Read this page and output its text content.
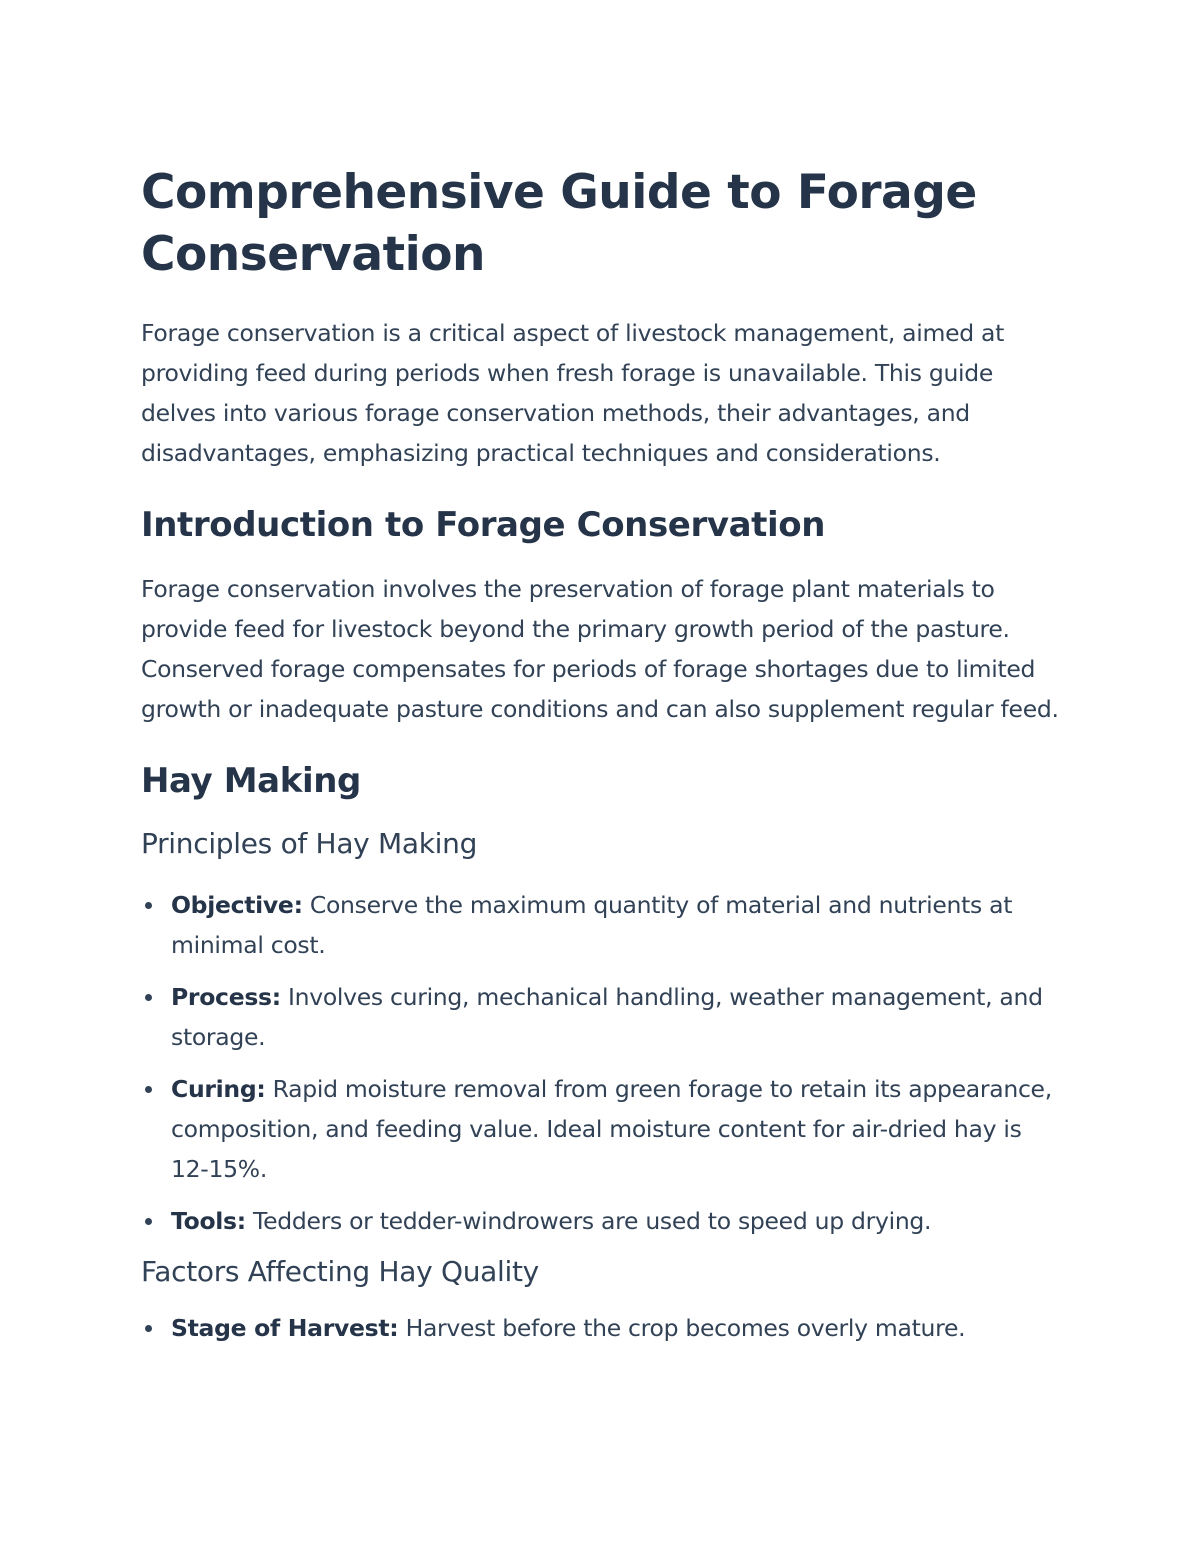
Comprehensive Guide to Forage Conservation

Forage conservation is a critical aspect of livestock management, aimed at providing feed during periods when fresh forage is unavailable. This guide delves into various forage conservation methods, their advantages, and disadvantages, emphasizing practical techniques and considerations.

Introduction to Forage Conservation

Forage conservation involves the preservation of forage plant materials to provide feed for livestock beyond the primary growth period of the pasture. Conserved forage compensates for periods of forage shortages due to limited growth or inadequate pasture conditions and can also supplement regular feed.

Hay Making
Principles of Hay Making
Objective: Conserve the maximum quantity of material and nutrients at minimal cost.
Process: Involves curing, mechanical handling, weather management, and storage.
Curing: Rapid moisture removal from green forage to retain its appearance, composition, and feeding value. Ideal moisture content for air-dried hay is 12-15%.
Tools: Tedders or tedder-windrowers are used to speed up drying.
Factors Affecting Hay Quality
Stage of Harvest: Harvest before the crop becomes overly mature.
